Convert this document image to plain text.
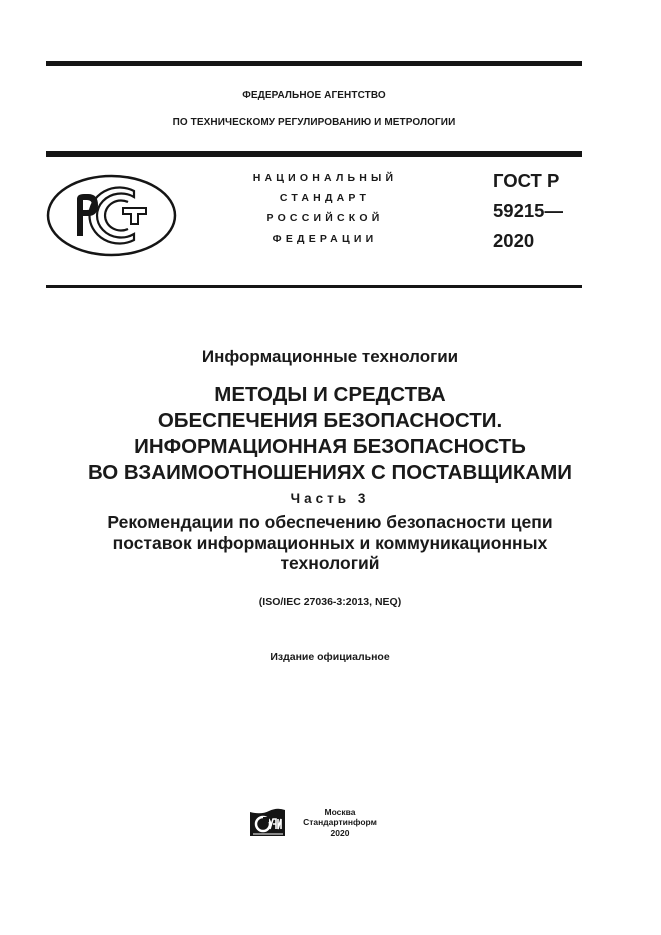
ФЕДЕРАЛЬНОЕ АГЕНТСТВО
ПО ТЕХНИЧЕСКОМУ РЕГУЛИРОВАНИЮ И МЕТРОЛОГИИ
НАЦИОНАЛЬНЫЙ
СТАНДАРТ
РОССИЙСКОЙ
ФЕДЕРАЦИИ
ГОСТ Р
59215—
2020
Информационные технологии
МЕТОДЫ И СРЕДСТВА
ОБЕСПЕЧЕНИЯ БЕЗОПАСНОСТИ.
ИНФОРМАЦИОННАЯ БЕЗОПАСНОСТЬ
ВО ВЗАИМООТНОШЕНИЯХ С ПОСТАВЩИКАМИ
Часть 3
Рекомендации по обеспечению безопасности цепи
поставок информационных и коммуникационных
технологий
(ISO/IEC 27036-3:2013, NEQ)
Издание официальное
Москва
Стандартинформ
2020
